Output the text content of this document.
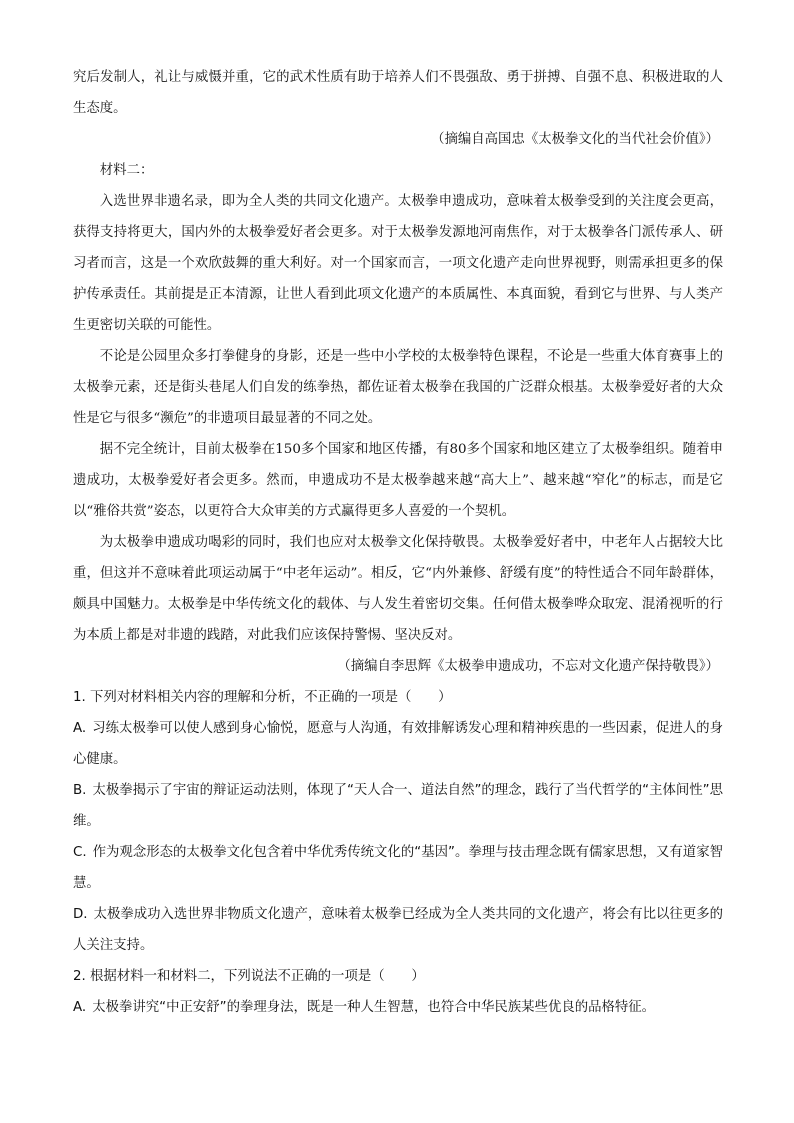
究后发制人，礼让与威慑并重，它的武术性质有助于培养人们不畏强敌、勇于拼搏、自强不息、积极进取的人生态度。

（摘编自高国忠《太极拳文化的当代社会价值》）

材料二：

入选世界非遗名录，即为全人类的共同文化遗产。太极拳申遗成功，意味着太极拳受到的关注度会更高，获得支持将更大，国内外的太极拳爱好者会更多。对于太极拳发源地河南焦作，对于太极拳各门派传承人、研习者而言，这是一个欢欣鼓舞的重大利好。对一个国家而言，一项文化遗产走向世界视野，则需承担更多的保护传承责任。其前提是正本清源，让世人看到此项文化遗产的本质属性、本真面貌，看到它与世界、与人类产生更密切关联的可能性。

不论是公园里众多打拳健身的身影，还是一些中小学校的太极拳特色课程，不论是一些重大体育赛事上的太极拳元素，还是街头巷尾人们自发的练拳热，都佐证着太极拳在我国的广泛群众根基。太极拳爱好者的大众性是它与很多“濒危”的非遗项目最显著的不同之处。

据不完全统计，目前太极拳在150多个国家和地区传播，有80多个国家和地区建立了太极拳组织。随着申遗成功，太极拳爱好者会更多。然而，申遗成功不是太极拳越来越“高大上”、越来越“窄化”的标志，而是它以“雅俗共赏”姿态，以更符合大众审美的方式赢得更多人喜爱的一个契机。

为太极拳申遗成功喝彩的同时，我们也应对太极拳文化保持敬畏。太极拳爱好者中，中老年人占据较大比重，但这并不意味着此项运动属于“中老年运动”。相反，它“内外兼修、舒缓有度”的特性适合不同年龄群体，颇具中国魅力。太极拳是中华传统文化的载体、与人发生着密切交集。任何借太极拳哗众取宠、混淆视听的行为本质上都是对非遗的践踏，对此我们应该保持警惕、坚决反对。

（摘编自李思辉《太极拳申遗成功，不忘对文化遗产保持敬畏》）

1. 下列对材料相关内容的理解和分析，不正确的一项是（　　）

A. 习练太极拳可以使人感到身心愉悦，愿意与人沟通，有效排解诱发心理和精神疾患的一些因素，促进人的身心健康。

B. 太极拳揭示了宇宙的辩证运动法则，体现了“天人合一、道法自然”的理念，践行了当代哲学的“主体间性”思维。

C. 作为观念形态的太极拳文化包含着中华优秀传统文化的“基因”。拳理与技击理念既有儒家思想，又有道家智慧。

D. 太极拳成功入选世界非物质文化遗产，意味着太极拳已经成为全人类共同的文化遗产，将会有比以往更多的人关注支持。

2. 根据材料一和材料二，下列说法不正确的一项是（　　）

A. 太极拳讲究“中正安舒”的拳理身法，既是一种人生智慧，也符合中华民族某些优良的品格特征。
